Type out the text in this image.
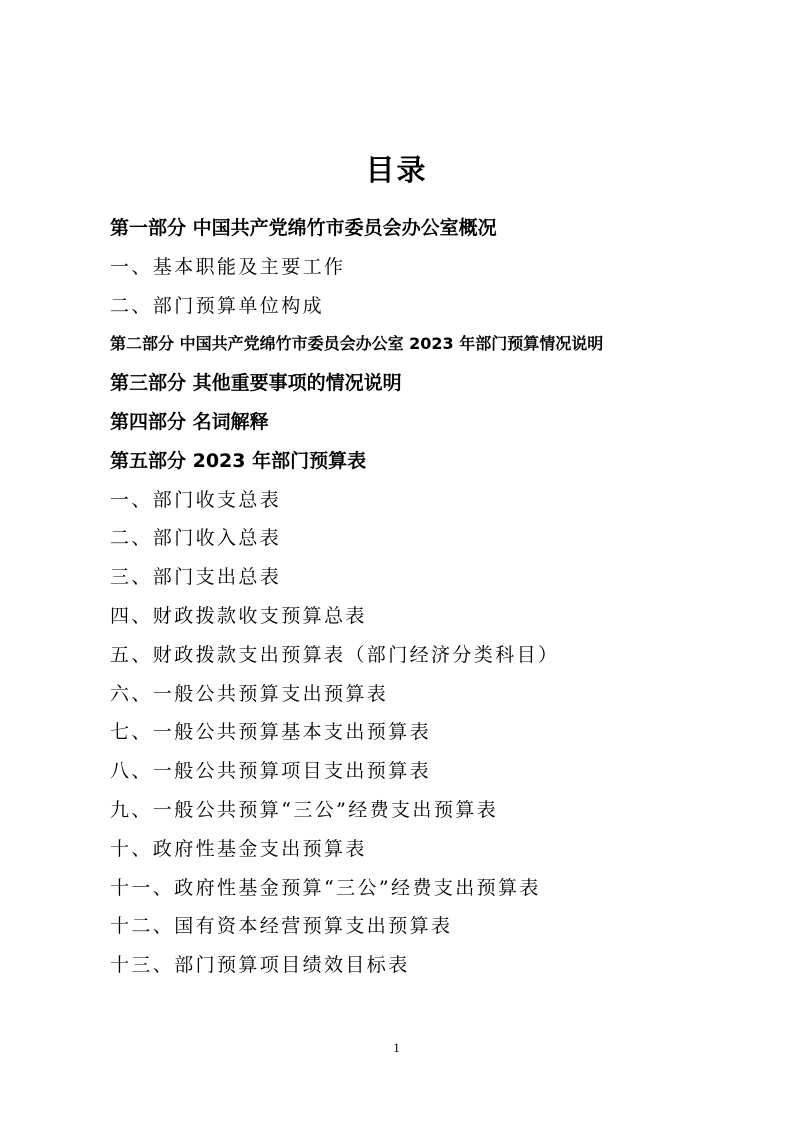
目录
第一部分 中国共产党绵竹市委员会办公室概况
一、基本职能及主要工作
二、部门预算单位构成
第二部分 中国共产党绵竹市委员会办公室 2023 年部门预算情况说明
第三部分 其他重要事项的情况说明
第四部分 名词解释
第五部分 2023 年部门预算表
一、部门收支总表
二、部门收入总表
三、部门支出总表
四、财政拨款收支预算总表
五、财政拨款支出预算表（部门经济分类科目）
六、一般公共预算支出预算表
七、一般公共预算基本支出预算表
八、一般公共预算项目支出预算表
九、一般公共预算“三公”经费支出预算表
十、政府性基金支出预算表
十一、政府性基金预算“三公”经费支出预算表
十二、国有资本经营预算支出预算表
十三、部门预算项目绩效目标表
1
